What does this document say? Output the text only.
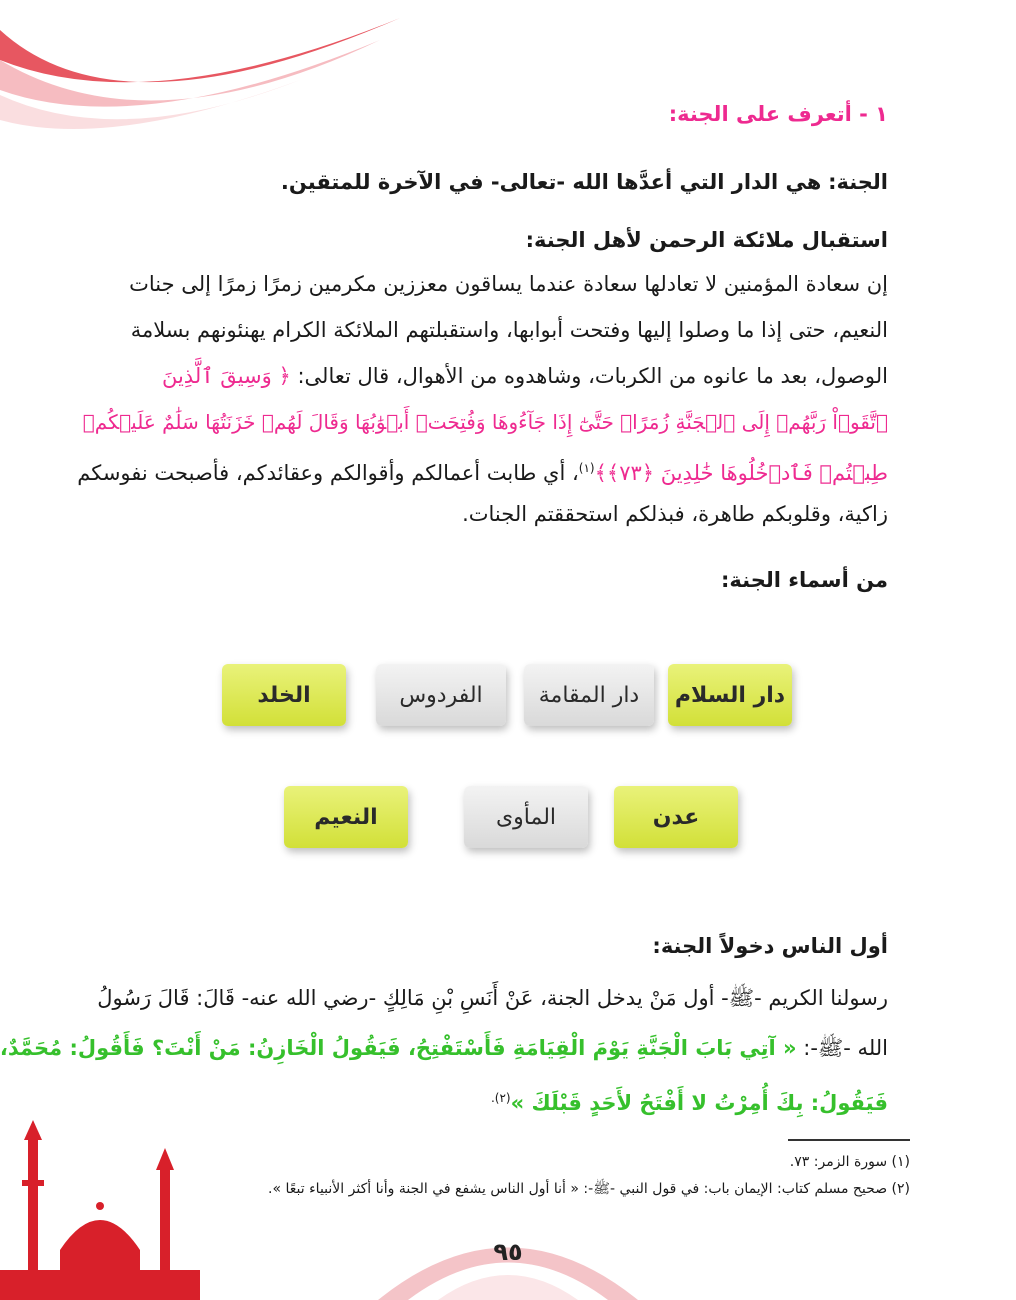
١ - أتعرف على الجنة:
الجنة: هي الدار التي أعدَّها الله -تعالى- في الآخرة للمتقين.
استقبال ملائكة الرحمن لأهل الجنة:
إن سعادة المؤمنين لا تعادلها سعادة عندما يساقون معززين مكرمين زمرًا زمرًا إلى جنات
النعيم، حتى إذا ما وصلوا إليها وفتحت أبوابها، واستقبلتهم الملائكة الكرام يهنئونهم بسلامة
الوصول، بعد ما عانوه من الكربات، وشاهدوه من الأهوال، قال تعالى: ﴿ وَسِيقَ ٱلَّذِينَ
ٱتَّقَوۡاْ رَبَّهُمۡ إِلَى ٱلۡجَنَّةِ زُمَرًاۖ حَتَّىٰٓ إِذَا جَآءُوهَا وَفُتِحَتۡ أَبۡوَٰبُهَا وَقَالَ لَهُمۡ خَزَنَتُهَا سَلَٰمٌ عَلَيۡكُمۡ
طِبۡتُمۡ فَٱدۡخُلُوهَا خَٰلِدِينَ ﴿٧٣﴾﴾$^{(١)}$، أي طابت أعمالكم وأقوالكم وعقائدكم، فأصبحت نفوسكم
زاكية، وقلوبكم طاهرة، فبذلكم استحققتم الجنات.
من أسماء الجنة:
دار السلام
دار المقامة
الفردوس
الخلد
عدن
المأوى
النعيم
أول الناس دخولاً الجنة:
رسولنا الكريم -ﷺ- أول مَنْ يدخل الجنة، عَنْ أَنَسِ بْنِ مَالِكٍ -رضي الله عنه- قَالَ: قَالَ رَسُولُ
الله -ﷺ-: « آتِي بَابَ الْجَنَّةِ يَوْمَ الْقِيَامَةِ فَأَسْتَفْتِحُ، فَيَقُولُ الْخَازِنُ: مَنْ أَنْتَ؟ فَأَقُولُ: مُحَمَّدٌ،
فَيَقُولُ: بِكَ أُمِرْتُ لا أَفْتَحُ لأَحَدٍ قَبْلَكَ »$^{(٢).}$
(١) سورة الزمر: ٧٣.
(٢) صحيح مسلم كتاب: الإيمان باب: في قول النبي -ﷺ-: « أنا أول الناس يشفع في الجنة وأنا أكثر الأنبياء تبعًا ».
٩٥
